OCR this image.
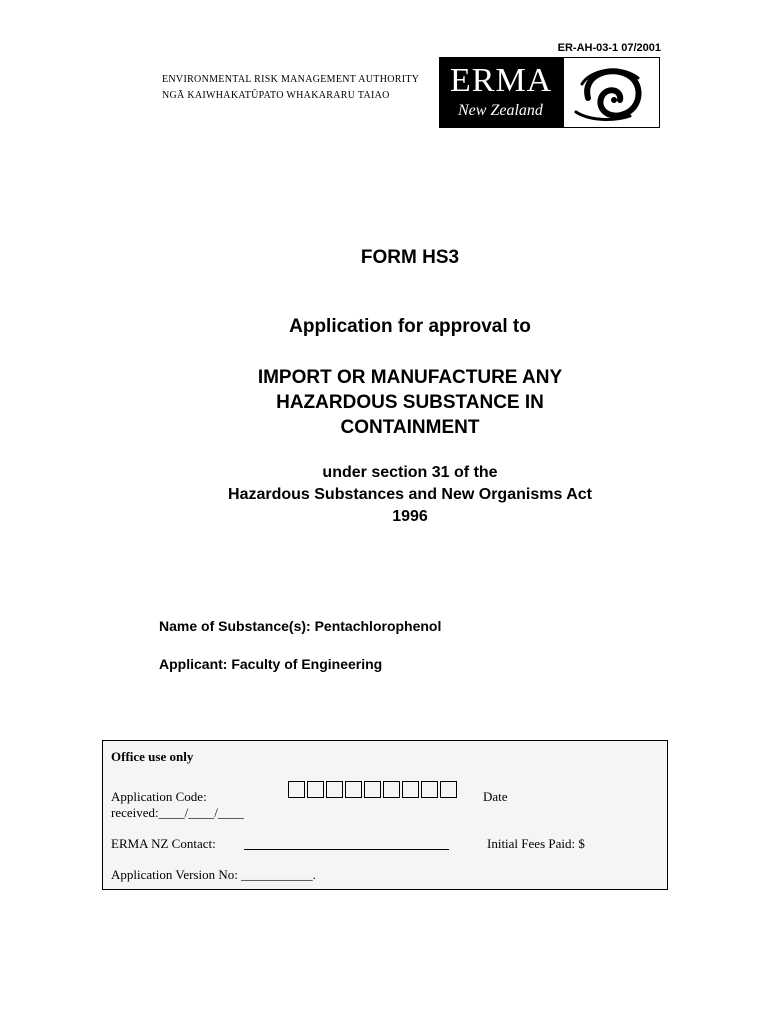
ER-AH-03-1 07/2001
ENVIRONMENTAL RISK MANAGEMENT AUTHORITY
NGĀ KAIWHAKATŪPATO WHAKARARU TAIAO	ERMA
New Zealand
FORM HS3
Application for approval to
IMPORT OR MANUFACTURE ANY
HAZARDOUS SUBSTANCE IN
CONTAINMENT
under section 31 of the
Hazardous Substances and New Organisms Act
1996
Name of Substance(s): Pentachlorophenol
Applicant: Faculty of Engineering
Office use only
Application Code:	Date
received:____/____/____
ERMA NZ Contact:	Initial Fees Paid: $
Application Version No: ___________.
